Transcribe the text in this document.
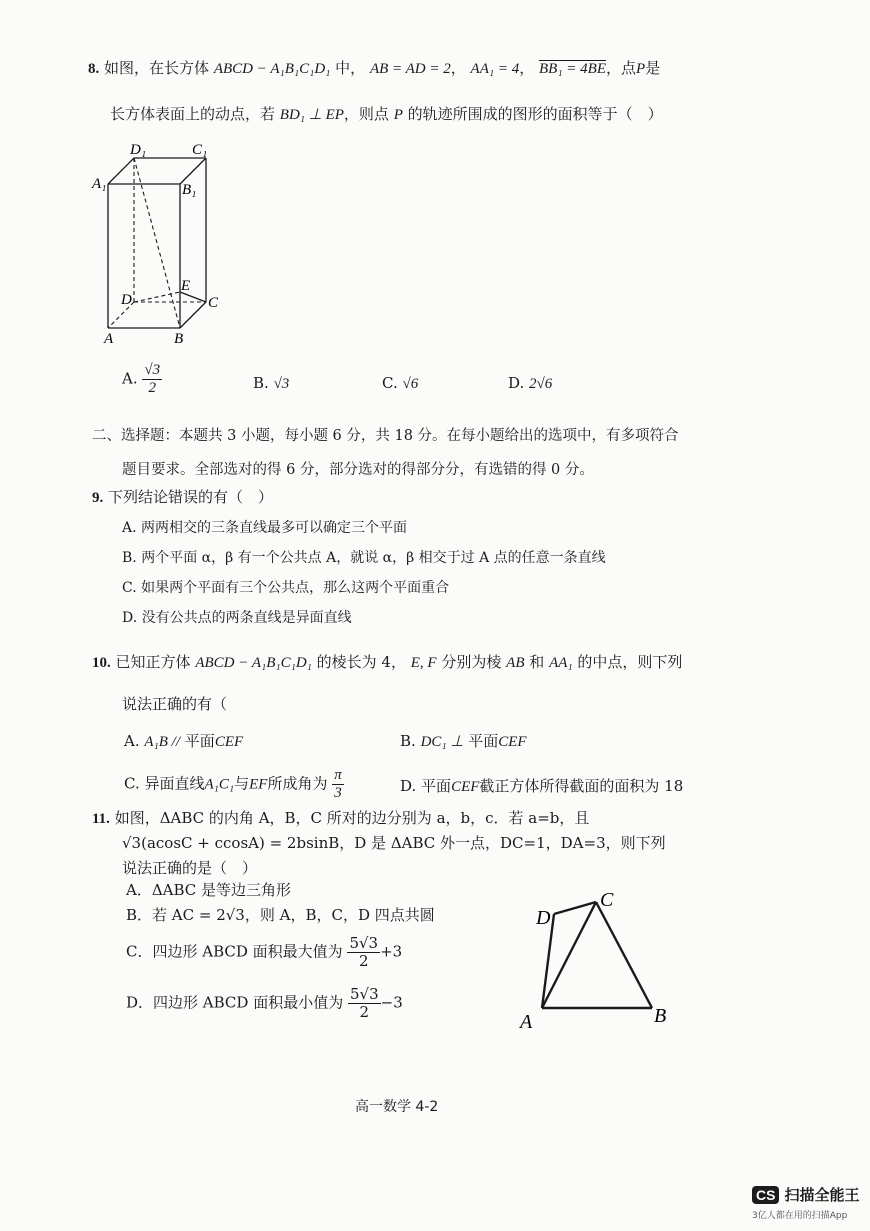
8. 如图，在长方体 ABCD − A₁B₁C₁D₁ 中， AB = AD = 2， AA₁ = 4， BB₁ = 4BE，点P是
长方体表面上的动点，若 BD₁ ⊥ EP，则点 P 的轨迹所围成的图形的面积等于（　）
D₁	C₁
A₁	B₁
D
E
C
A	B
A. $\frac{√3}{2}$	B. √3	C. √6	D. 2√6
二、选择题：本题共 3 小题，每小题 6 分，共 18 分。在每小题给出的选项中，有多项符合
题目要求。全部选对的得 6 分，部分选对的得部分分，有选错的得 0 分。
9. 下列结论错误的有（　）
A. 两两相交的三条直线最多可以确定三个平面
B. 两个平面 α，β 有一个公共点 A，就说 α，β 相交于过 A 点的任意一条直线
C. 如果两个平面有三个公共点，那么这两个平面重合
D. 没有公共点的两条直线是异面直线
10. 已知正方体 ABCD − A₁B₁C₁D₁ 的棱长为 4， E, F 分别为棱 AB 和 AA₁ 的中点，则下列
说法正确的有（
A. A₁B // 平面CEF	B. DC₁ ⊥ 平面CEF
C. 异面直线A₁C₁与EF所成角为 $\frac{\pi}{3}$	D. 平面CEF截正方体所得截面的面积为 18
11. 如图，ΔABC 的内角 A，B，C 所对的边分别为 a，b，c．若 a=b，且
√3(acosC + ccosA) = 2bsinB，D 是 ΔABC 外一点，DC=1，DA=3，则下列
说法正确的是（　）
A．ΔABC 是等边三角形
B．若 AC = 2√3，则 A，B，C，D 四点共圆
C．四边形 ABCD 面积最大值为 $\frac{5√3}{2} +3$
D．四边形 ABCD 面积最小值为 $\frac{5√3}{2} -3$
D
C
A	B
高一数学 4-2
CS 扫描全能王
3亿人都在用的扫描App
